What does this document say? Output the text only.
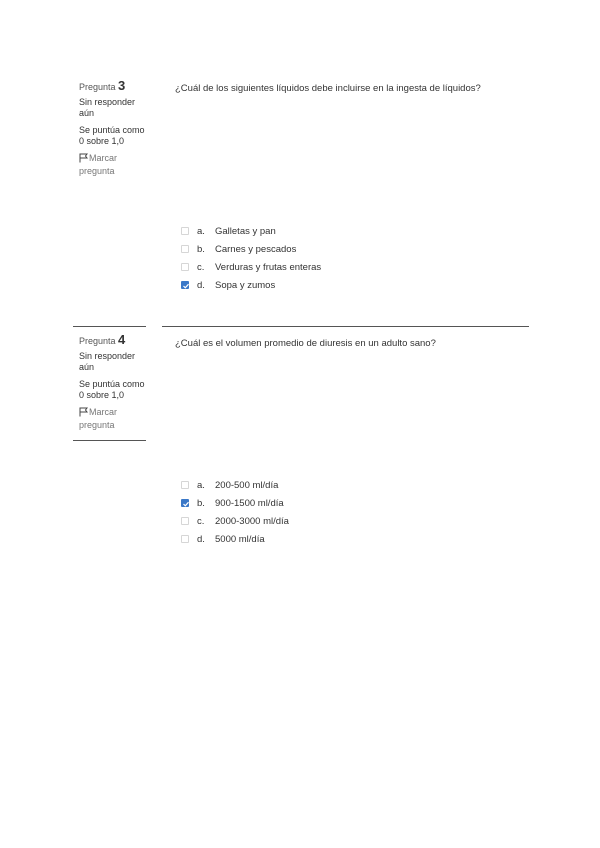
Pregunta 3
Sin responder aún
Se puntúa como 0 sobre 1,0
Marcar pregunta
¿Cuál de los siguientes líquidos debe incluirse en la ingesta de líquidos?
a.	Galletas y pan
b.	Carnes y pescados
c.	Verduras y frutas enteras
d.	Sopa y zumos
Pregunta 4
Sin responder aún
Se puntúa como 0 sobre 1,0
Marcar pregunta
¿Cuál es el volumen promedio de diuresis en un adulto sano?
a.	200-500 ml/día
b.	900-1500 ml/día
c.	2000-3000 ml/día
d.	5000 ml/día
